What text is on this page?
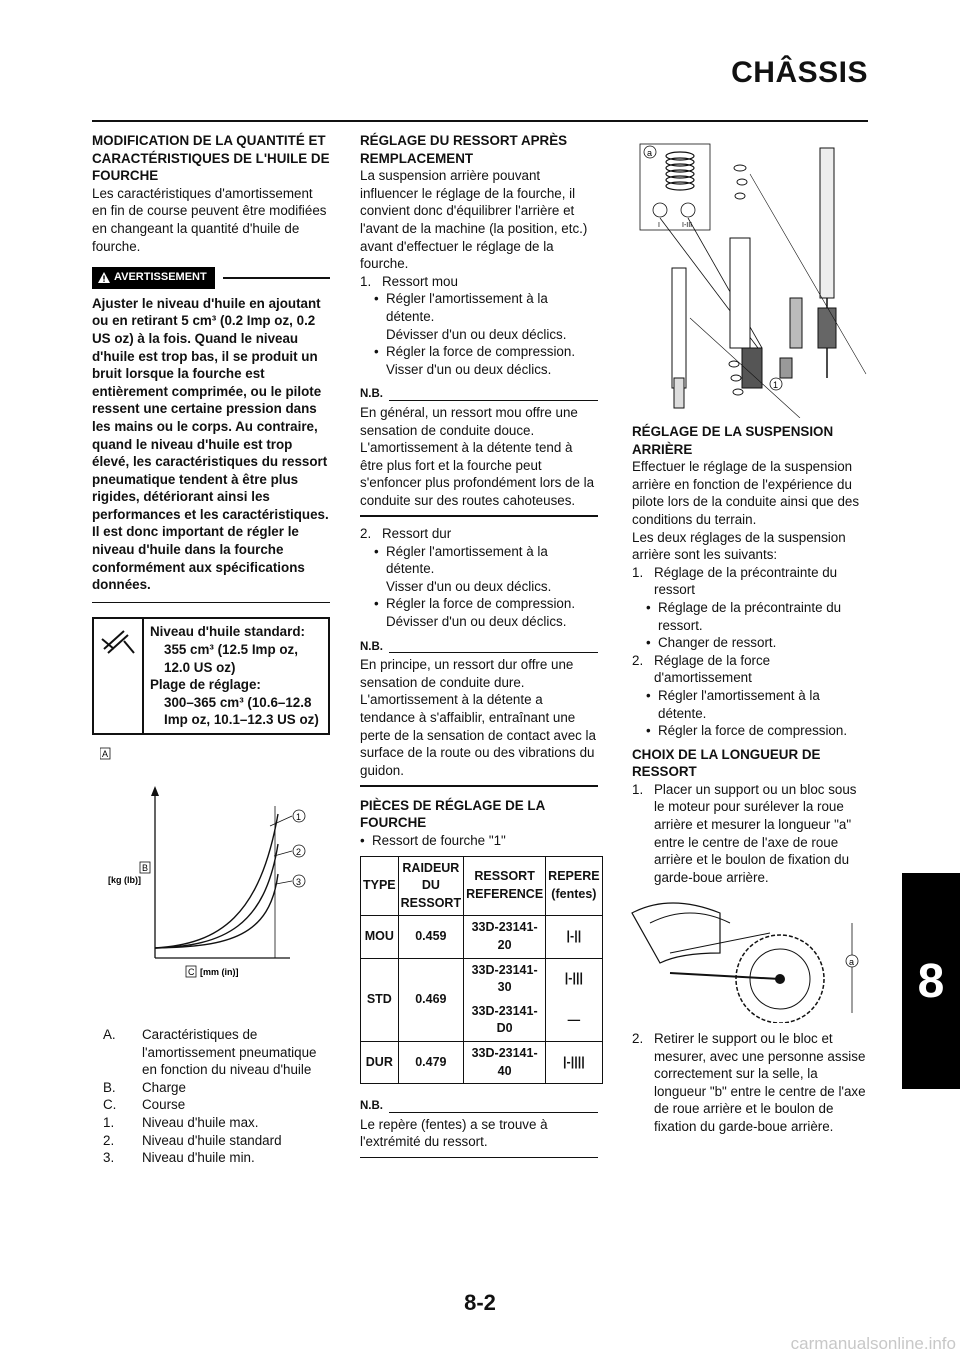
CHÂSSIS

MODIFICATION DE LA QUANTITÉ ET CARACTÉRISTIQUES DE L'HUILE DE FOURCHE

Les caractéristiques d'amortissement en fin de course peuvent être modifiées en changeant la quantité d'huile de fourche.

AVERTISSEMENT

Ajuster le niveau d'huile en ajoutant ou en retirant 5 cm³ (0.2 Imp oz, 0.2 US oz) à la fois. Quand le niveau d'huile est trop bas, il se produit un bruit lorsque la fourche est entièrement comprimée, ou le pilote ressent une certaine pression dans les mains ou le corps. Au contraire, quand le niveau d'huile est trop élevé, les caractéristiques du ressort pneumatique tendent à être plus rigides, détériorant ainsi les performances et les caractéristiques. Il est donc important de régler le niveau d'huile dans la fourche conformément aux spécifications données.

Niveau d'huile standard:
355 cm³ (12.5 Imp oz, 12.0 US oz)
Plage de réglage:
300–365 cm³ (10.6–12.8 Imp oz, 10.1–12.3 US oz)
A
1
2
3
B
[kg (lb)]
C [mm (in)]
A.	Caractéristiques de l'amortissement pneumatique en fonction du niveau d'huile
B.	Charge
C.	Course
1.	Niveau d'huile max.
2.	Niveau d'huile standard
3.	Niveau d'huile min.

RÉGLAGE DU RESSORT APRÈS REMPLACEMENT

La suspension arrière pouvant influencer le réglage de la fourche, il convient donc d'équilibrer l'arrière et l'avant de la machine (la position, etc.) avant d'effectuer le réglage de la fourche.

1. Ressort mou
• Régler l'amortissement à la détente.
Dévisser d'un ou deux déclics.
• Régler la force de compression.
Visser d'un ou deux déclics.
N.B.

En général, un ressort mou offre une sensation de conduite douce. L'amortissement à la détente tend à être plus fort et la fourche peut s'enfoncer plus profondément lors de la conduite sur des routes cahoteuses.

2. Ressort dur
• Régler l'amortissement à la détente.
Visser d'un ou deux déclics.
• Régler la force de compression.
Dévisser d'un ou deux déclics.
N.B.

En principe, un ressort dur offre une sensation de conduite dure. L'amortissement à la détente a tendance à s'affaiblir, entraînant une perte de la sensation de contact avec la surface de la route ou des vibrations du guidon.

PIÈCES DE RÉGLAGE DE LA FOURCHE

• Ressort de fourche "1"
TYPE	RAIDEUR DU RESSORT	RESSORT REFERENCE	REPERE (fentes)
MOU	0.459	33D-23141-20	|-||
STD	0.469	33D-23141-30	|-|||
		33D-23141-D0	—
DUR	0.479	33D-23141-40	|-||||
N.B.

Le repère (fentes) a se trouve à l'extrémité du ressort.

a
I	I-III
1

RÉGLAGE DE LA SUSPENSION ARRIÈRE

Effectuer le réglage de la suspension arrière en fonction de l'expérience du pilote lors de la conduite ainsi que des conditions du terrain.

Les deux réglages de la suspension arrière sont les suivants:

1. Réglage de la précontrainte du ressort
• Réglage de la précontrainte du ressort.
• Changer de ressort.
2. Réglage de la force d'amortissement
• Régler l'amortissement à la détente.
• Régler la force de compression.

CHOIX DE LA LONGUEUR DE RESSORT

1. Placer un support ou un bloc sous le moteur pour surélever la roue arrière et mesurer la longueur "a" entre le centre de l'axe de roue arrière et le boulon de fixation du garde-boue arrière.
a
2. Retirer le support ou le bloc et mesurer, avec une personne assise correctement sur la selle, la longueur "b" entre le centre de l'axe de roue arrière et le boulon de fixation du garde-boue arrière.
8
8-2
carmanualsonline.info
